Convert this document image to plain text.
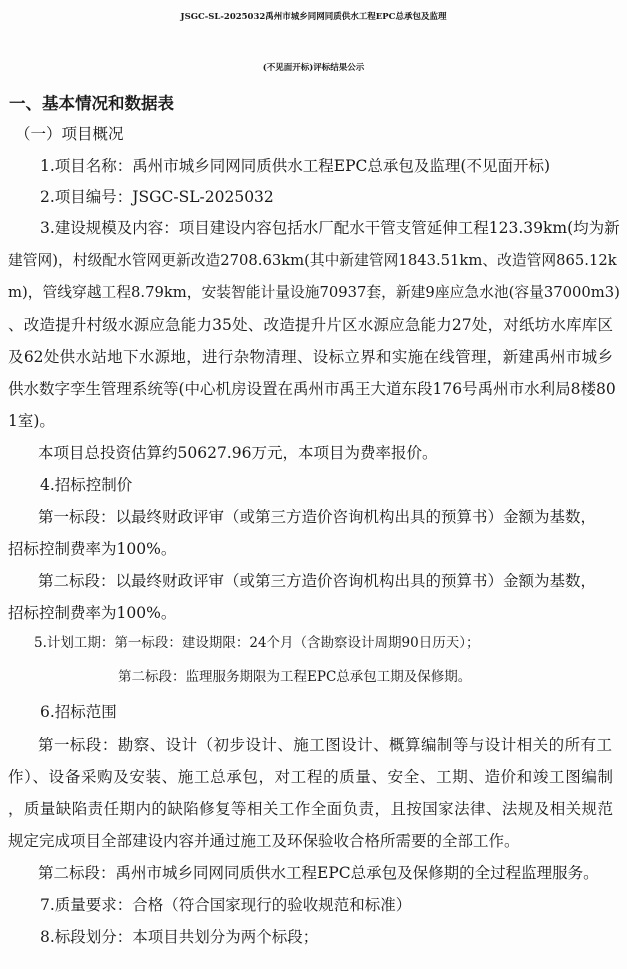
JSGC-SL-2025032禹州市城乡同网同质供水工程EPC总承包及监理
(不见面开标)评标结果公示
一、基本情况和数据表
（一）项目概况
1.项目名称：禹州市城乡同网同质供水工程EPC总承包及监理(不见面开标)
2.项目编号：JSGC-SL-2025032
3.建设规模及内容：项目建设内容包括水厂配水干管支管延伸工程123.39km(均为新
建管网)，村级配水管网更新改造2708.63km(其中新建管网1843.51km、改造管网865.12k
m)，管线穿越工程8.79km，安装智能计量设施70937套，新建9座应急水池(容量37000m3)
、改造提升村级水源应急能力35处、改造提升片区水源应急能力27处，对纸坊水库库区
及62处供水站地下水源地，进行杂物清理、设标立界和实施在线管理，新建禹州市城乡
供水数字孪生管理系统等(中心机房设置在禹州市禹王大道东段176号禹州市水利局8楼80
1室)。
本项目总投资估算约50627.96万元，本项目为费率报价。
4.招标控制价
第一标段：以最终财政评审（或第三方造价咨询机构出具的预算书）金额为基数，
招标控制费率为100%。
第二标段：以最终财政评审（或第三方造价咨询机构出具的预算书）金额为基数，
招标控制费率为100%。
5.计划工期：第一标段：建设期限：24个月（含勘察设计周期90日历天）；
第二标段：监理服务期限为工程EPC总承包工期及保修期。
6.招标范围
第一标段：勘察、设计（初步设计、施工图设计、概算编制等与设计相关的所有工
作）、设备采购及安装、施工总承包，对工程的质量、安全、工期、造价和竣工图编制
，质量缺陷责任期内的缺陷修复等相关工作全面负责，且按国家法律、法规及相关规范
规定完成项目全部建设内容并通过施工及环保验收合格所需要的全部工作。
第二标段：禹州市城乡同网同质供水工程EPC总承包及保修期的全过程监理服务。
7.质量要求：合格（符合国家现行的验收规范和标准）
8.标段划分：本项目共划分为两个标段；
